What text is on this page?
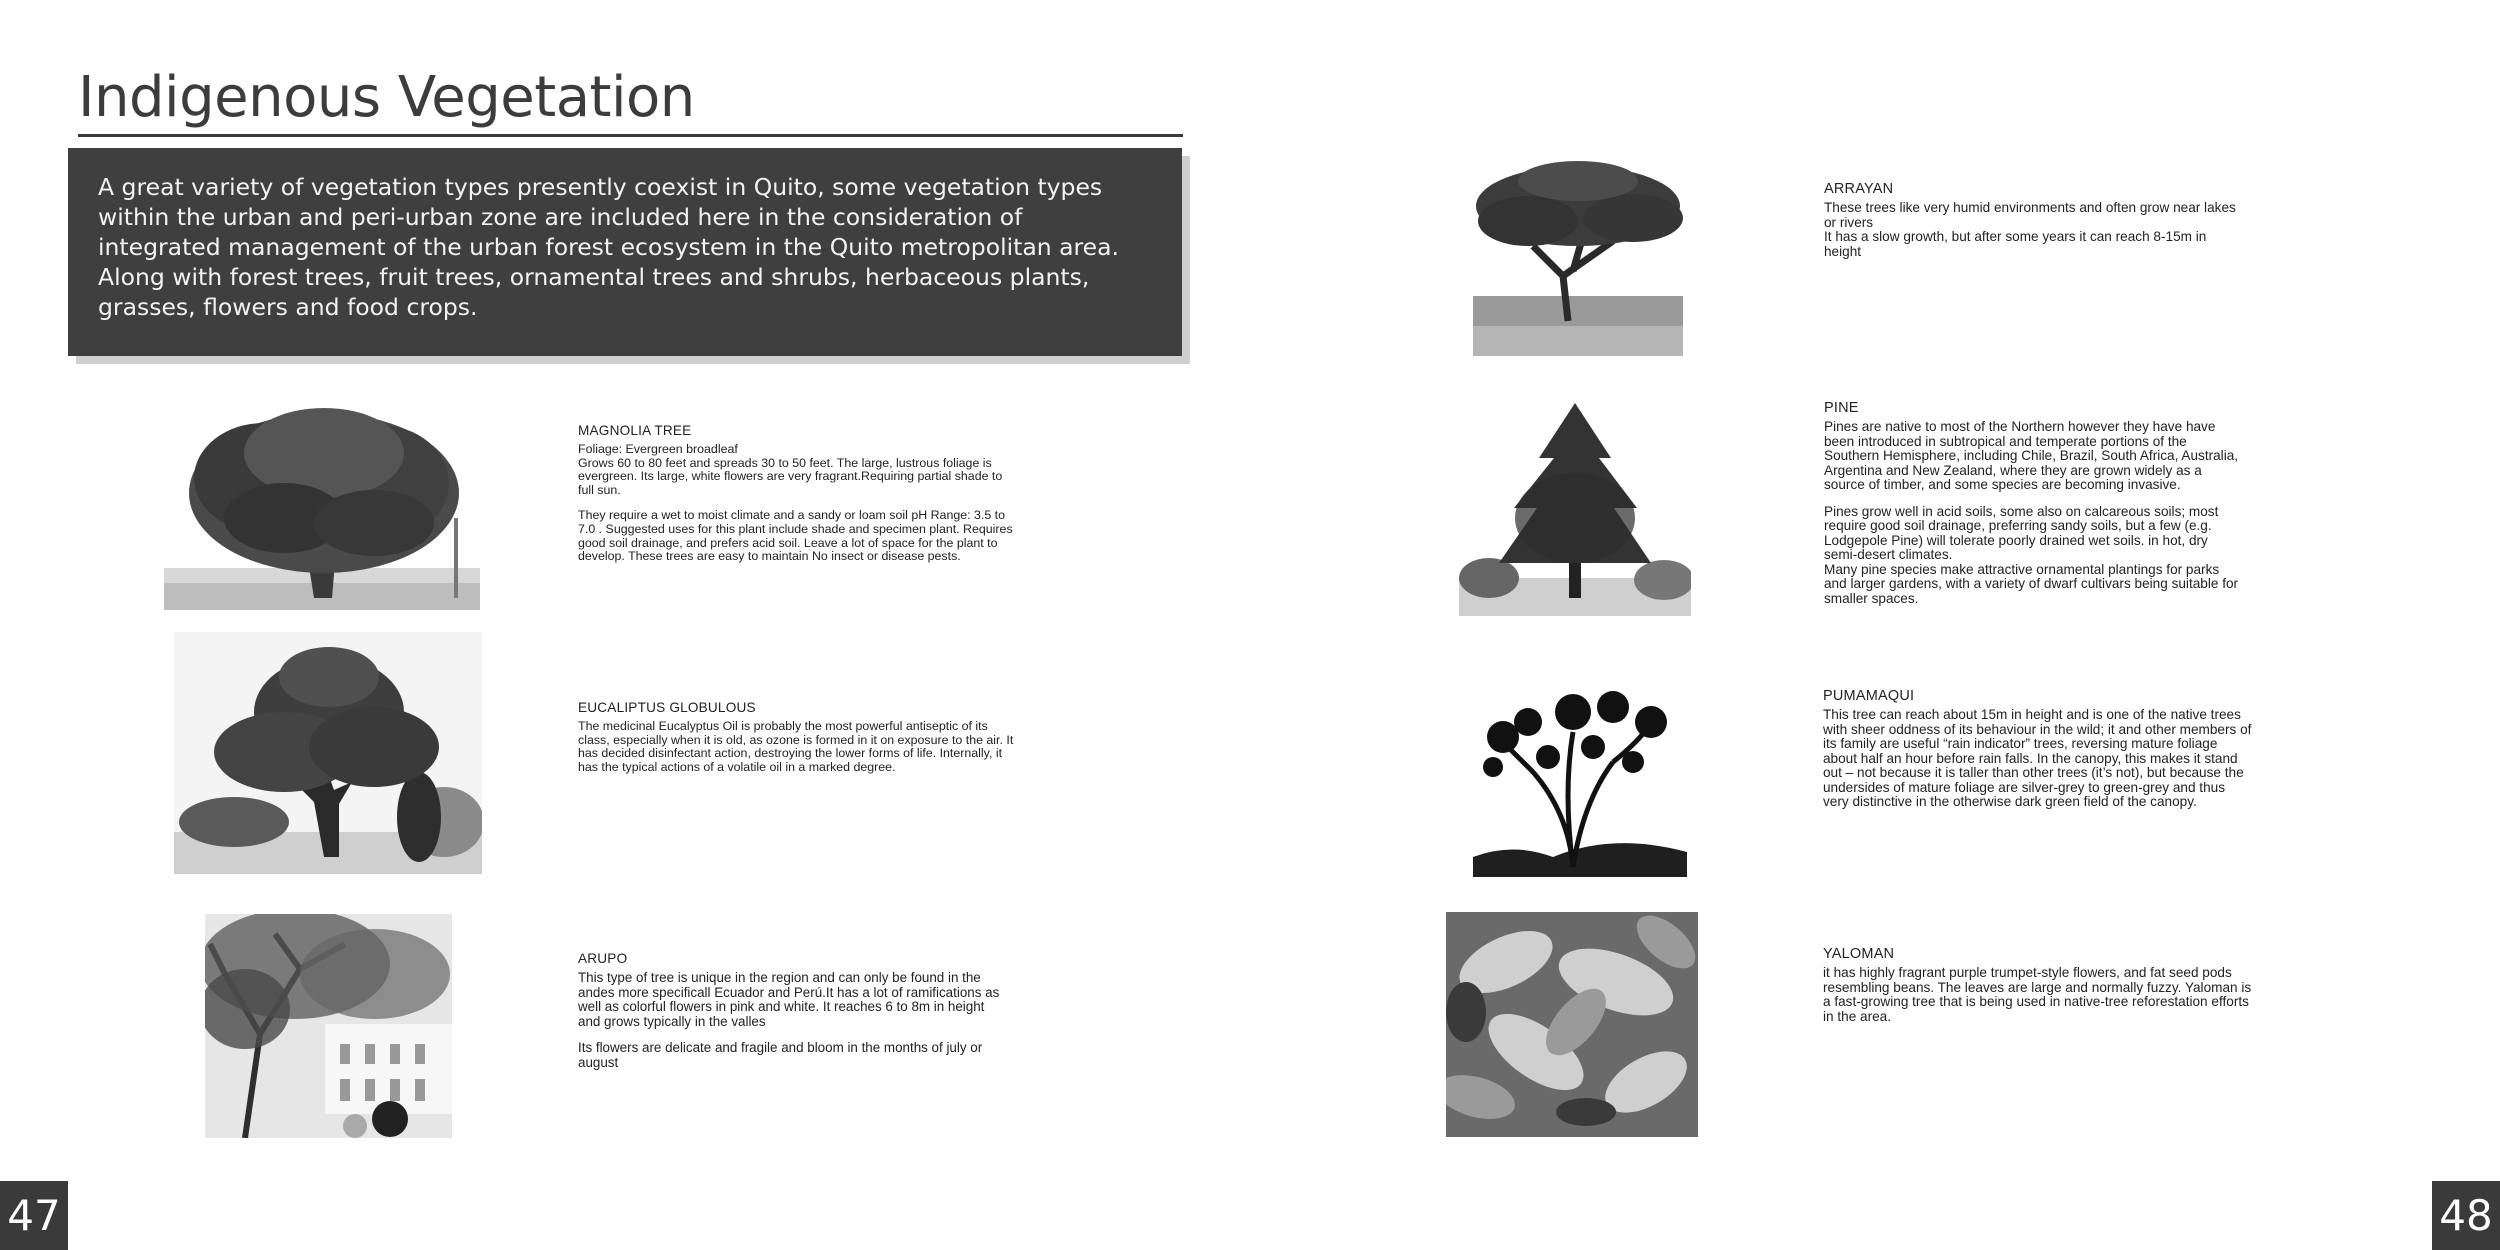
Indigenous Vegetation

A great variety of vegetation types presently coexist in Quito, some vegetation types within the urban and peri-urban zone are included here in the consideration of integrated management of the urban forest ecosystem in the Quito metropolitan area. Along with forest trees, fruit trees, ornamental trees and shrubs, herbaceous plants, grasses, flowers and food crops.

MAGNOLIA TREE

Foliage: Evergreen broadleaf
Grows 60 to 80 feet and spreads 30 to 50 feet. The large, lustrous foliage is evergreen. Its large, white flowers are very fragrant.Requiring partial shade to full sun.

They require a wet to moist climate and a sandy or loam soil pH Range: 3.5 to 7.0 . Suggested uses for this plant include shade and specimen plant. Requires good soil drainage, and prefers acid soil. Leave a lot of space for the plant to develop. These trees are easy to maintain No insect or disease pests.

EUCALIPTUS GLOBULOUS

The medicinal Eucalyptus Oil is probably the most powerful antiseptic of its class, especially when it is old, as ozone is formed in it on exposure to the air. It has decided disinfectant action, destroying the lower forms of life. Internally, it has the typical actions of a volatile oil in a marked degree.

ARUPO

This type of tree is unique in the region and can only be found in the andes more specificall Ecuador and Perú.It has a lot of ramifications as well as colorful flowers in pink and white. It reaches 6 to 8m in height and grows typically in the valles

Its flowers are delicate and fragile and bloom in the months of july or august

ARRAYAN

These trees like very humid environments and often grow near lakes or rivers
It has a slow growth, but after some years it can reach 8-15m in height

PINE

Pines are native to most of the Northern however they have have been introduced in subtropical and temperate portions of the Southern Hemisphere, including Chile, Brazil, South Africa, Australia, Argentina and New Zealand, where they are grown widely as a source of timber, and some species are becoming invasive.

Pines grow well in acid soils, some also on calcareous soils; most require good soil drainage, preferring sandy soils, but a few (e.g. Lodgepole Pine) will tolerate poorly drained wet soils. in hot, dry semi-desert climates.
Many pine species make attractive ornamental plantings for parks and larger gardens, with a variety of dwarf cultivars being suitable for smaller spaces.

PUMAMAQUI

This tree can reach about 15m in height and is one of the native trees with sheer oddness of its behaviour in the wild; it and other members of its family are useful “rain indicator” trees, reversing mature foliage about half an hour before rain falls. In the canopy, this makes it stand out – not because it is taller than other trees (it’s not), but because the undersides of mature foliage are silver-grey to green-grey and thus very distinctive in the otherwise dark green field of the canopy.

YALOMAN

it has highly fragrant purple trumpet-style flowers, and fat seed pods resembling beans. The leaves are large and normally fuzzy. Yaloman is a fast-growing tree that is being used in native-tree reforestation efforts in the area.

47	48
